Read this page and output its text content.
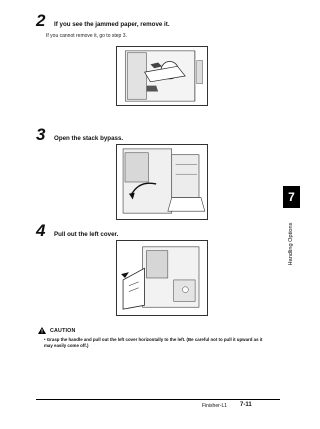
2	If you see the jammed paper, remove it.
If you cannot remove it, go to step 3.
3	Open the stack bypass.
4	Pull out the left cover.
CAUTION
• Grasp the handle and pull out the left cover horizontally to the left. (Be careful not to pull it upward as it may easily come off.)
7
Handling Options
Finisher-L1 7-11
